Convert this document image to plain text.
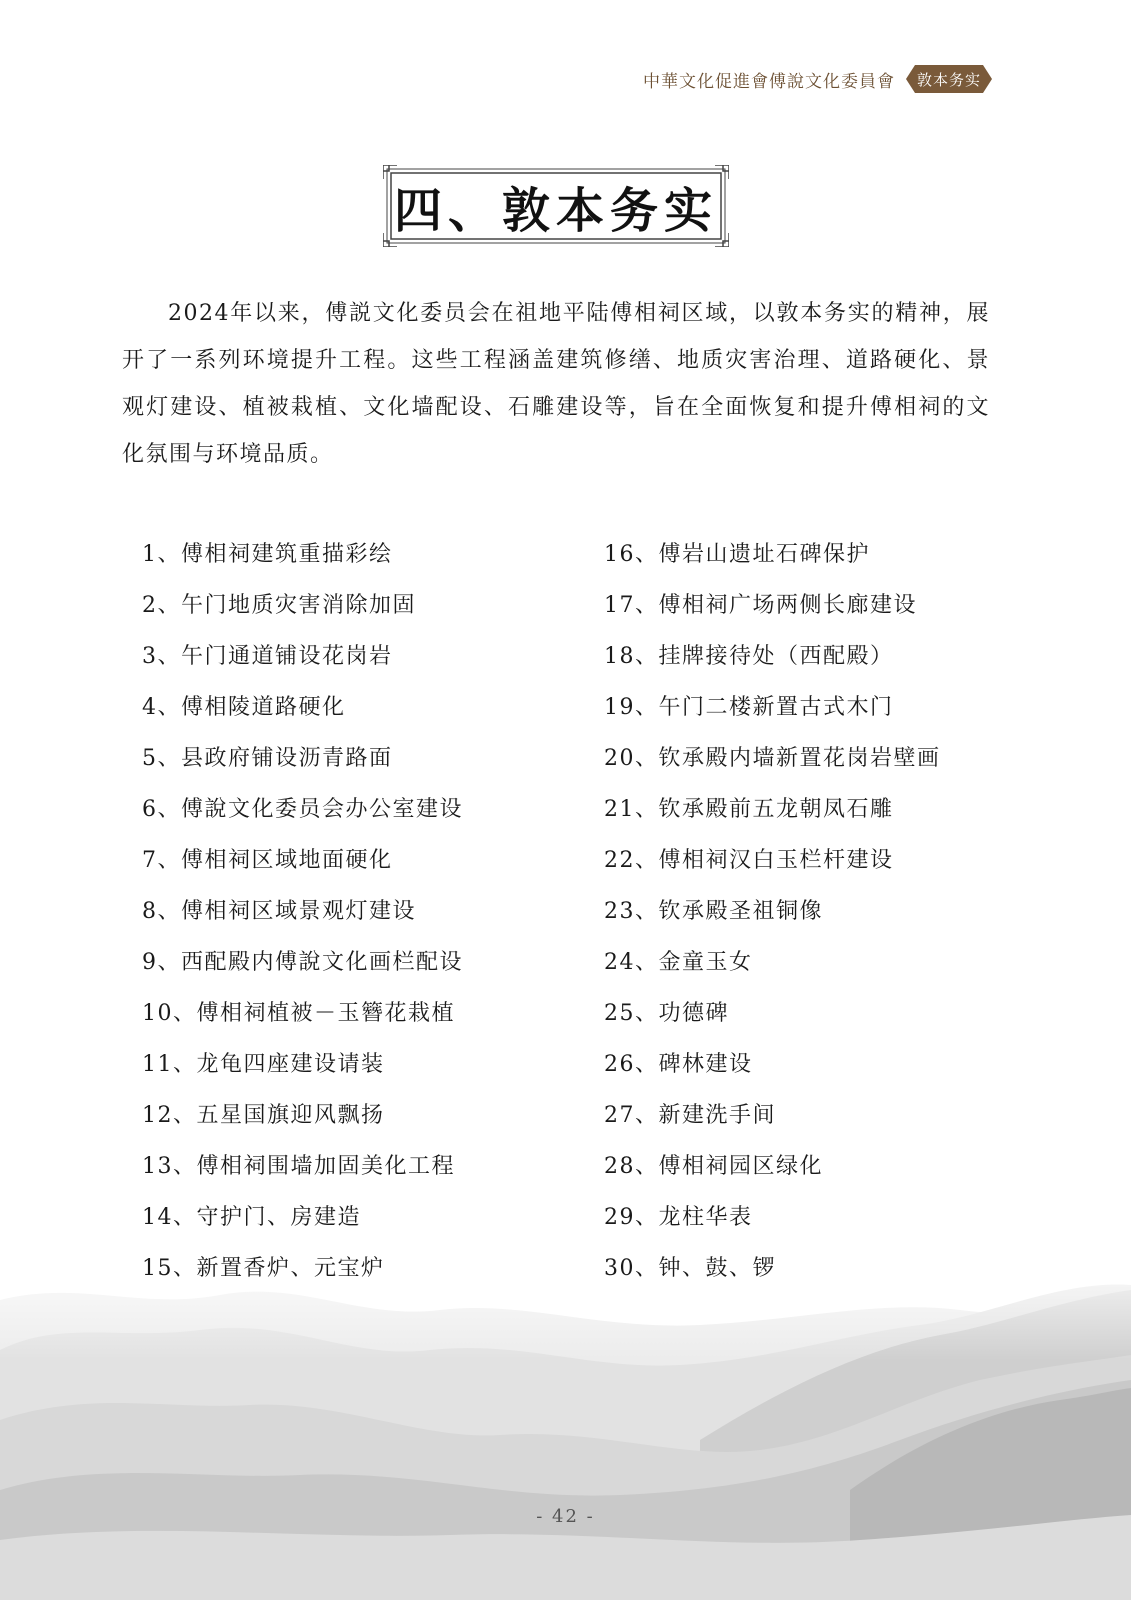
中華文化促進會傅說文化委員會 敦本务实
四、敦本务实

2024年以来，傅説文化委员会在祖地平陆傅相祠区域，以敦本务实的精神，展开了一系列环境提升工程。这些工程涵盖建筑修缮、地质灾害治理、道路硬化、景观灯建设、植被栽植、文化墙配设、石雕建设等，旨在全面恢复和提升傅相祠的文化氛围与环境品质。

1、傅相祠建筑重描彩绘
2、午门地质灾害消除加固
3、午门通道铺设花岗岩
4、傅相陵道路硬化
5、县政府铺设沥青路面
6、傅說文化委员会办公室建设
7、傅相祠区域地面硬化
8、傅相祠区域景观灯建设
9、西配殿内傅說文化画栏配设
10、傅相祠植被－玉簪花栽植
11、龙龟四座建设请装
12、五星国旗迎风飘扬
13、傅相祠围墙加固美化工程
14、守护门、房建造
15、新置香炉、元宝炉
16、傅岩山遗址石碑保护
17、傅相祠广场两侧长廊建设
18、挂牌接待处（西配殿）
19、午门二楼新置古式木门
20、钦承殿内墙新置花岗岩壁画
21、钦承殿前五龙朝凤石雕
22、傅相祠汉白玉栏杆建设
23、钦承殿圣祖铜像
24、金童玉女
25、功德碑
26、碑林建设
27、新建洗手间
28、傅相祠园区绿化
29、龙柱华表
30、钟、鼓、锣
- 42 -
